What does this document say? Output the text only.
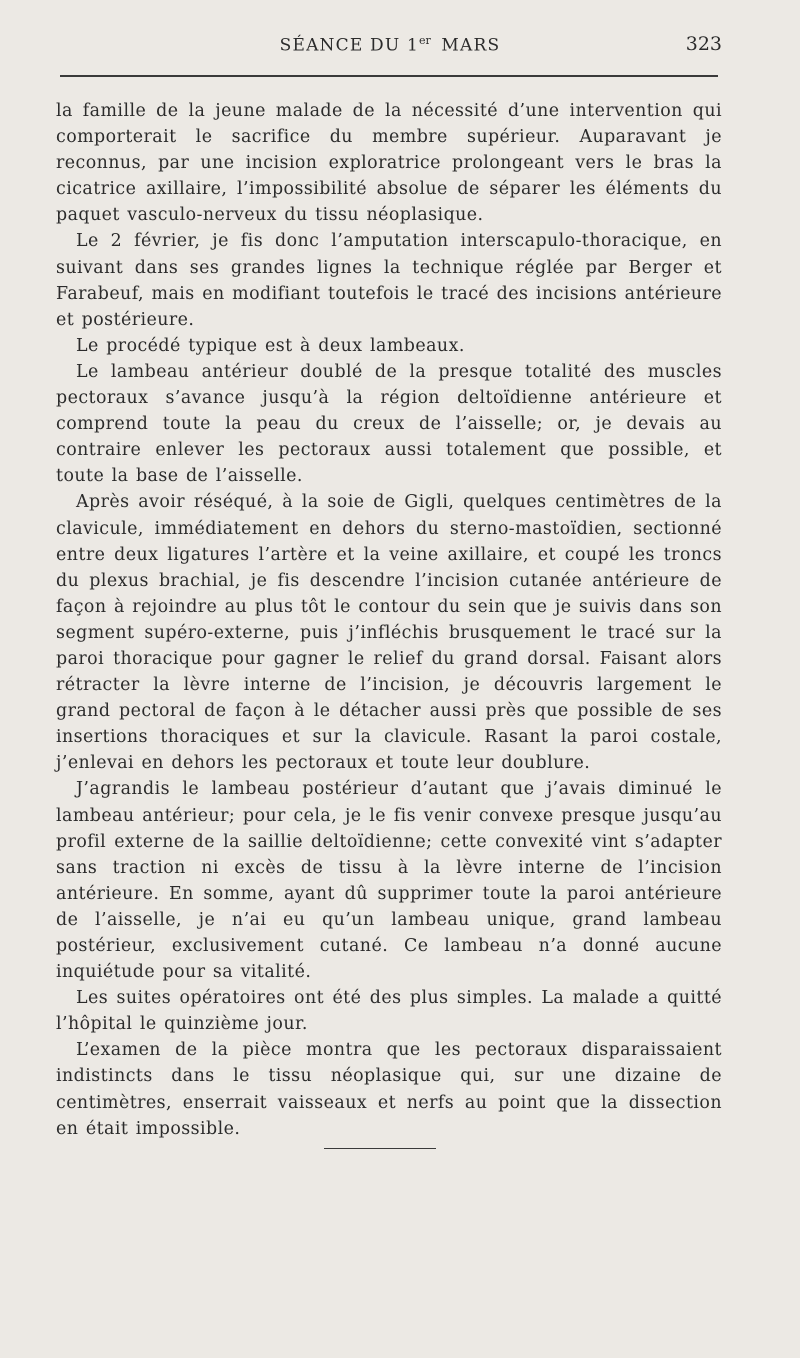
SÉANCE DU 1er MARS	323

la famille de la jeune malade de la nécessité d’une intervention qui comporterait le sacrifice du membre supérieur. Auparavant je reconnus, par une incision exploratrice prolongeant vers le bras la cicatrice axillaire, l’impossibilité absolue de séparer les éléments du paquet vasculo-nerveux du tissu néoplasique.

Le 2 février, je fis donc l’amputation interscapulo-thoracique, en suivant dans ses grandes lignes la technique réglée par Berger et Farabeuf, mais en modifiant toutefois le tracé des incisions antérieure et postérieure.

Le procédé typique est à deux lambeaux.

Le lambeau antérieur doublé de la presque totalité des muscles pectoraux s’avance jusqu’à la région deltoïdienne antérieure et comprend toute la peau du creux de l’aisselle; or, je devais au contraire enlever les pectoraux aussi totalement que possible, et toute la base de l’aisselle.

Après avoir réséqué, à la soie de Gigli, quelques centimètres de la clavicule, immédiatement en dehors du sterno-mastoïdien, sectionné entre deux ligatures l’artère et la veine axillaire, et coupé les troncs du plexus brachial, je fis descendre l’incision cutanée antérieure de façon à rejoindre au plus tôt le contour du sein que je suivis dans son segment supéro-externe, puis j’infléchis brusquement le tracé sur la paroi thoracique pour gagner le relief du grand dorsal. Faisant alors rétracter la lèvre interne de l’incision, je découvris largement le grand pectoral de façon à le détacher aussi près que possible de ses insertions thoraciques et sur la clavicule. Rasant la paroi costale, j’enlevai en dehors les pectoraux et toute leur doublure.

J’agrandis le lambeau postérieur d’autant que j’avais diminué le lambeau antérieur; pour cela, je le fis venir convexe presque jusqu’au profil externe de la saillie deltoïdienne; cette convexité vint s’adapter sans traction ni excès de tissu à la lèvre interne de l’incision antérieure. En somme, ayant dû supprimer toute la paroi antérieure de l’aisselle, je n’ai eu qu’un lambeau unique, grand lambeau postérieur, exclusivement cutané. Ce lambeau n’a donné aucune inquiétude pour sa vitalité.

Les suites opératoires ont été des plus simples. La malade a quitté l’hôpital le quinzième jour.

L’examen de la pièce montra que les pectoraux disparaissaient indistincts dans le tissu néoplasique qui, sur une dizaine de centimètres, enserrait vaisseaux et nerfs au point que la dissection en était impossible.
